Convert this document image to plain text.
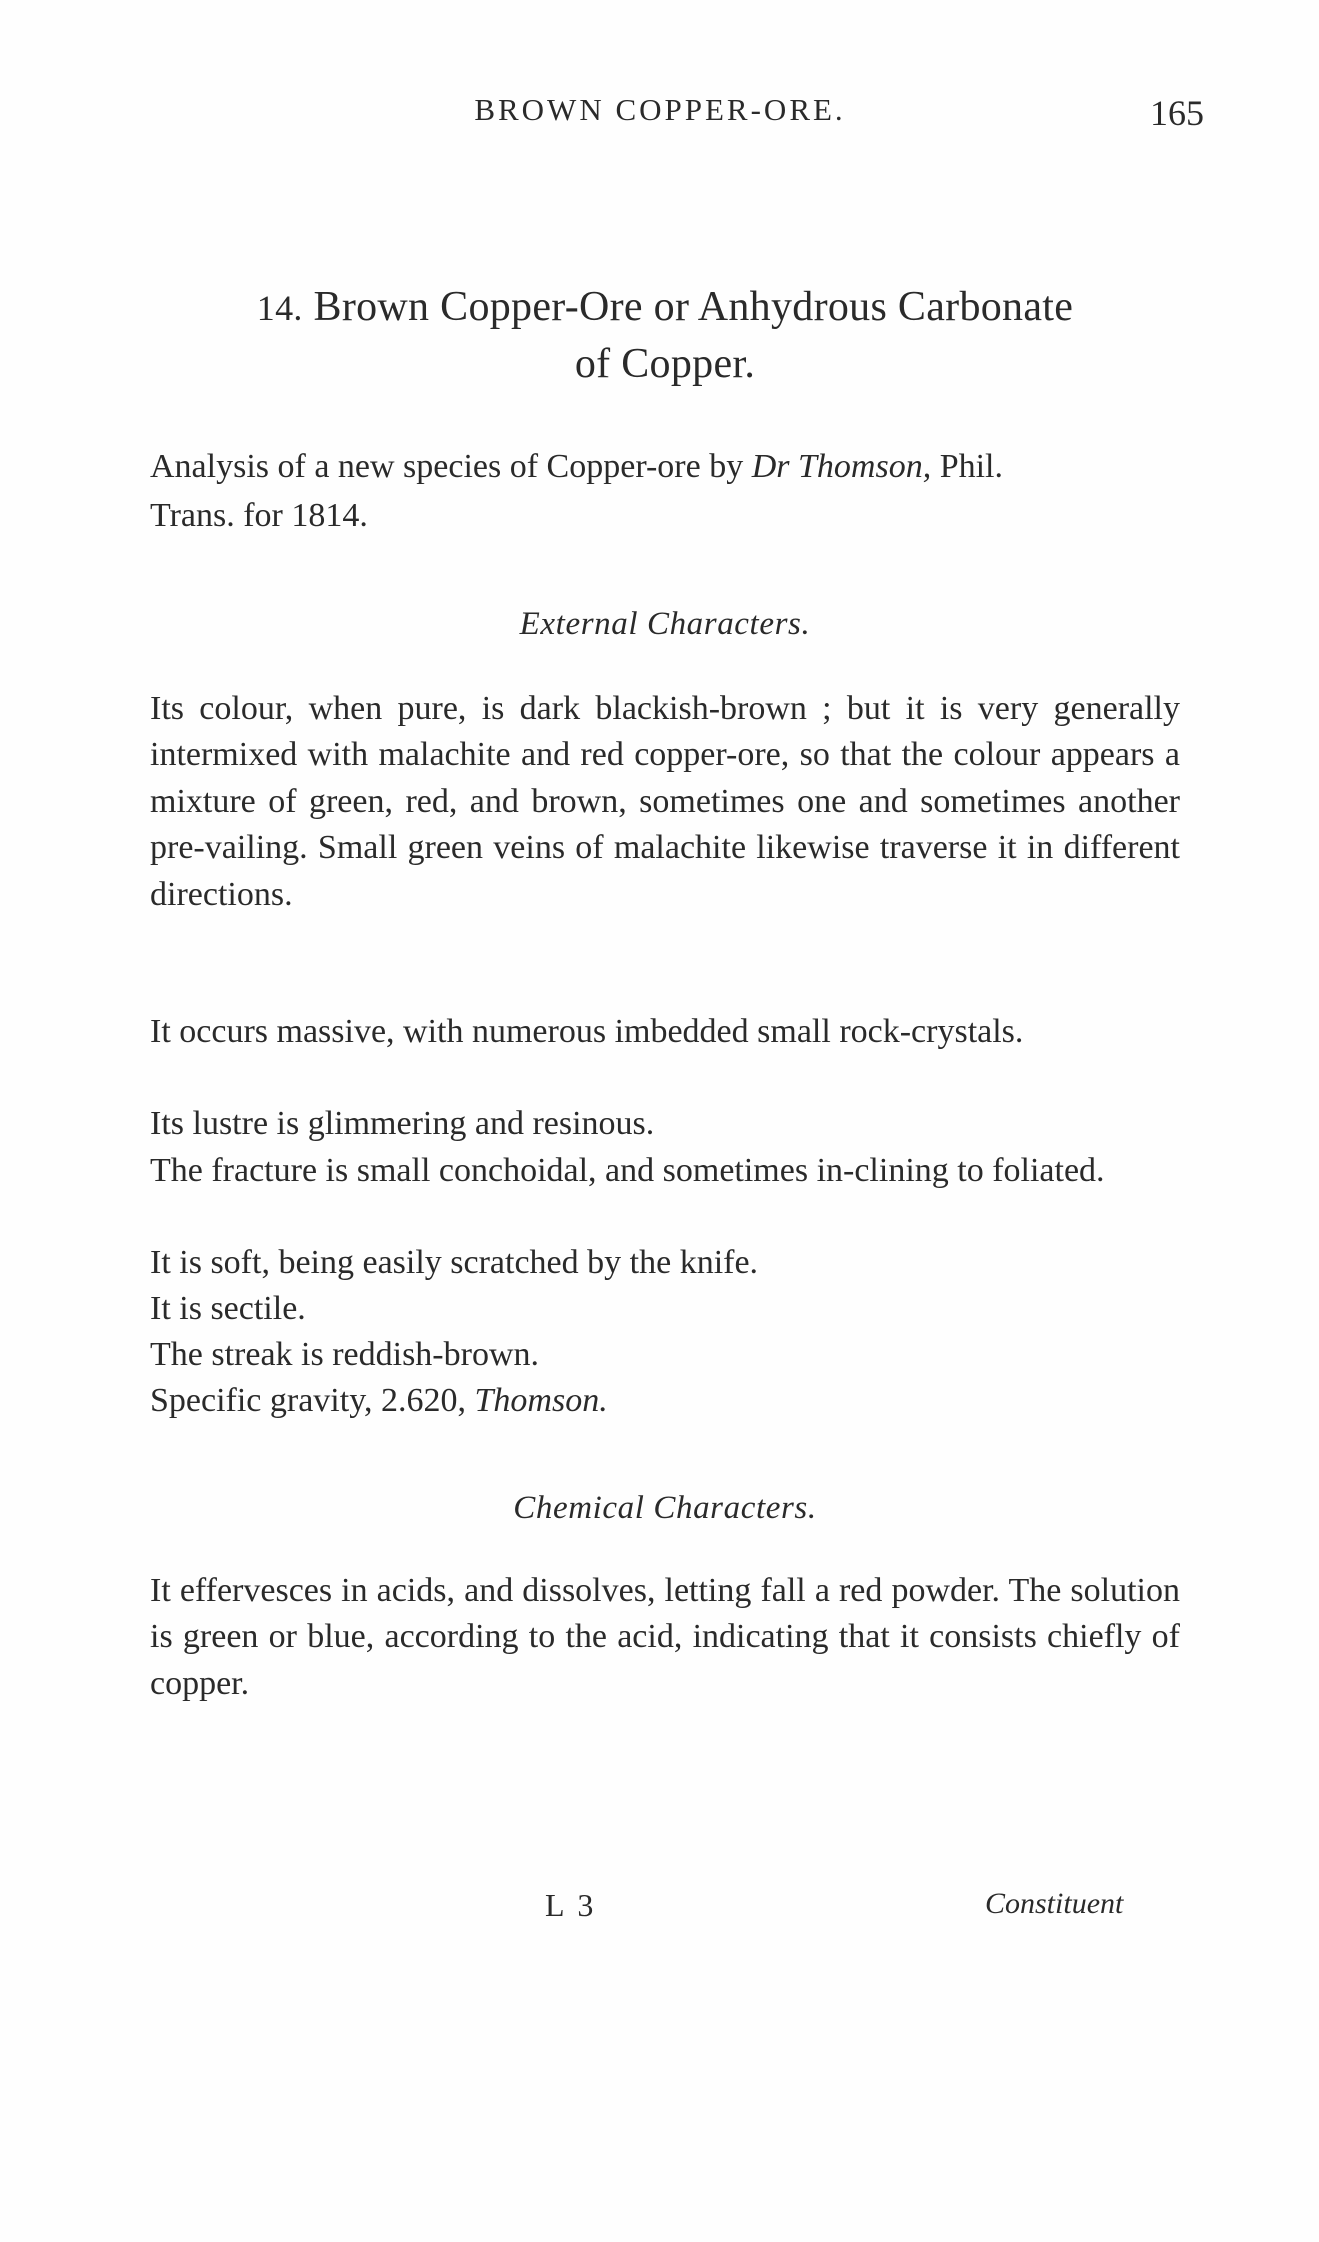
BROWN COPPER-ORE.	165
14. Brown Copper-Ore or Anhydrous Carbonate
of Copper.
Analysis of a new species of Copper-ore by Dr Thomson, Phil.
Trans. for 1814.
External Characters.
Its colour, when pure, is dark blackish-brown ; but it is very generally intermixed with malachite and red copper-ore, so that the colour appears a mixture of green, red, and brown, sometimes one and sometimes another pre-vailing. Small green veins of malachite likewise traverse it in different directions.
It occurs massive, with numerous imbedded small rock-crystals.
Its lustre is glimmering and resinous.
The fracture is small conchoidal, and sometimes in-clining to foliated.
It is soft, being easily scratched by the knife.
It is sectile.
The streak is reddish-brown.
Specific gravity, 2.620, Thomson.
Chemical Characters.
It effervesces in acids, and dissolves, letting fall a red powder. The solution is green or blue, according to the acid, indicating that it consists chiefly of copper.
L 3	Constituent
